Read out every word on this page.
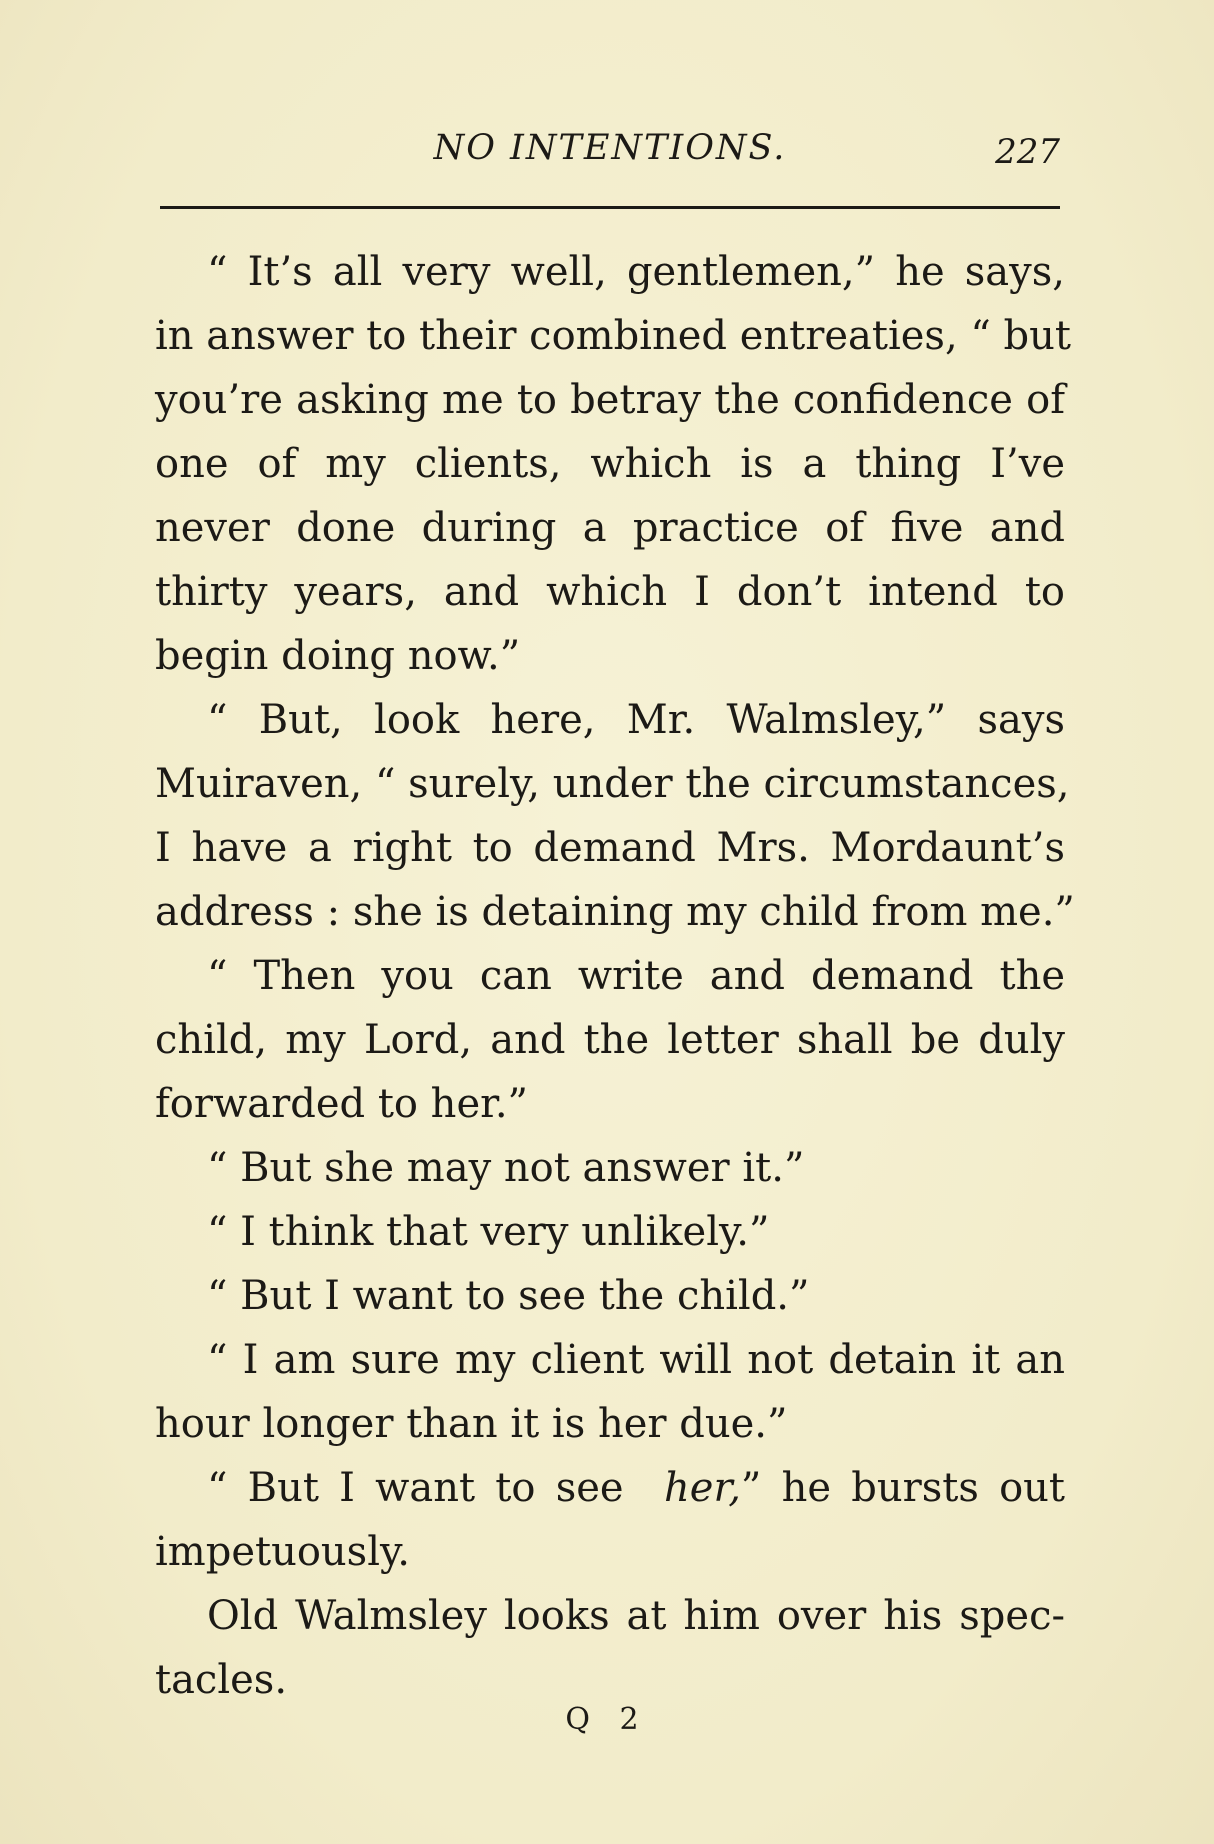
NO INTENTIONS.	227
“ It’s all very well, gentlemen,” he says,
in answer to their combined entreaties, “ but
you’re asking me to betray the confidence of
one of my clients, which is a thing I’ve
never done during a practice of five and
thirty years, and which I don’t intend to
begin doing now.”
“ But, look here, Mr. Walmsley,” says
Muiraven, “ surely, under the circumstances,
I have a right to demand Mrs. Mordaunt’s
address : she is detaining my child from me.”
“ Then you can write and demand the
child, my Lord, and the letter shall be duly
forwarded to her.”
“ But she may not answer it.”
“ I think that very unlikely.”
“ But I want to see the child.”
“ I am sure my client will not detain it an
hour longer than it is her due.”
“ But I want to see  her,” he bursts out
impetuously.
Old Walmsley looks at him over his spec-
tacles.
Q 2
